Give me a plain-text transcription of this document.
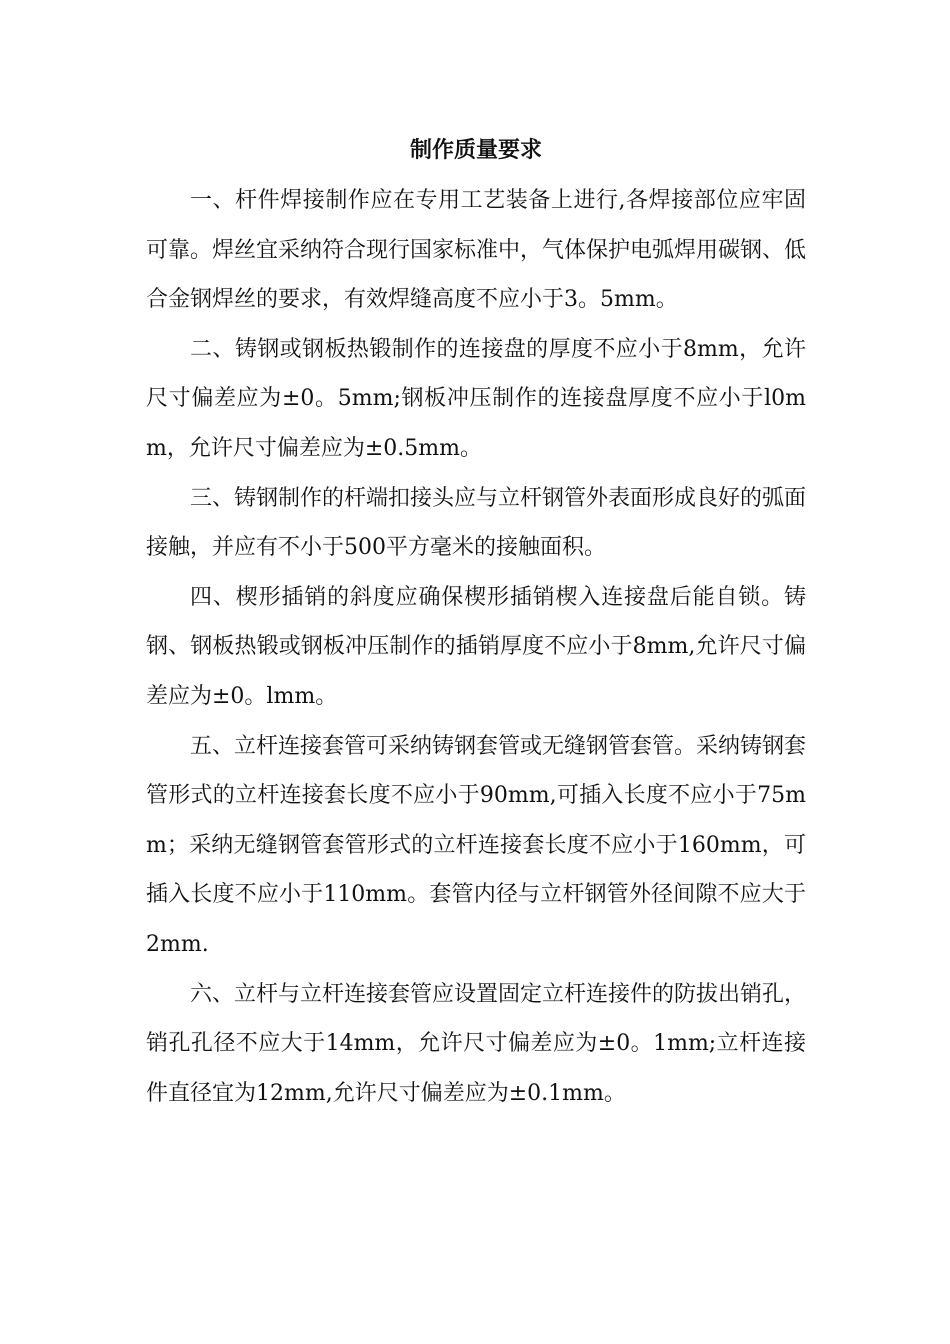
制作质量要求

一、杆件焊接制作应在专用工艺装备上进行,各焊接部位应牢固可靠。焊丝宜采纳符合现行国家标准中，气体保护电弧焊用碳钢、低合金钢焊丝的要求，有效焊缝高度不应小于3。5mm。

二、铸钢或钢板热锻制作的连接盘的厚度不应小于8mm，允许尺寸偏差应为±0。5mm;钢板冲压制作的连接盘厚度不应小于l0mm，允许尺寸偏差应为±0.5mm。

三、铸钢制作的杆端扣接头应与立杆钢管外表面形成良好的弧面接触，并应有不小于500平方毫米的接触面积。

四、楔形插销的斜度应确保楔形插销楔入连接盘后能自锁。铸钢、钢板热锻或钢板冲压制作的插销厚度不应小于8mm,允许尺寸偏差应为±0。lmm。

五、立杆连接套管可采纳铸钢套管或无缝钢管套管。采纳铸钢套管形式的立杆连接套长度不应小于90mm,可插入长度不应小于75mm；采纳无缝钢管套管形式的立杆连接套长度不应小于160mm，可插入长度不应小于110mm。套管内径与立杆钢管外径间隙不应大于2mm.

六、立杆与立杆连接套管应设置固定立杆连接件的防拔出销孔，销孔孔径不应大于14mm，允许尺寸偏差应为±0。1mm;立杆连接件直径宜为12mm,允许尺寸偏差应为±0.1mm。
